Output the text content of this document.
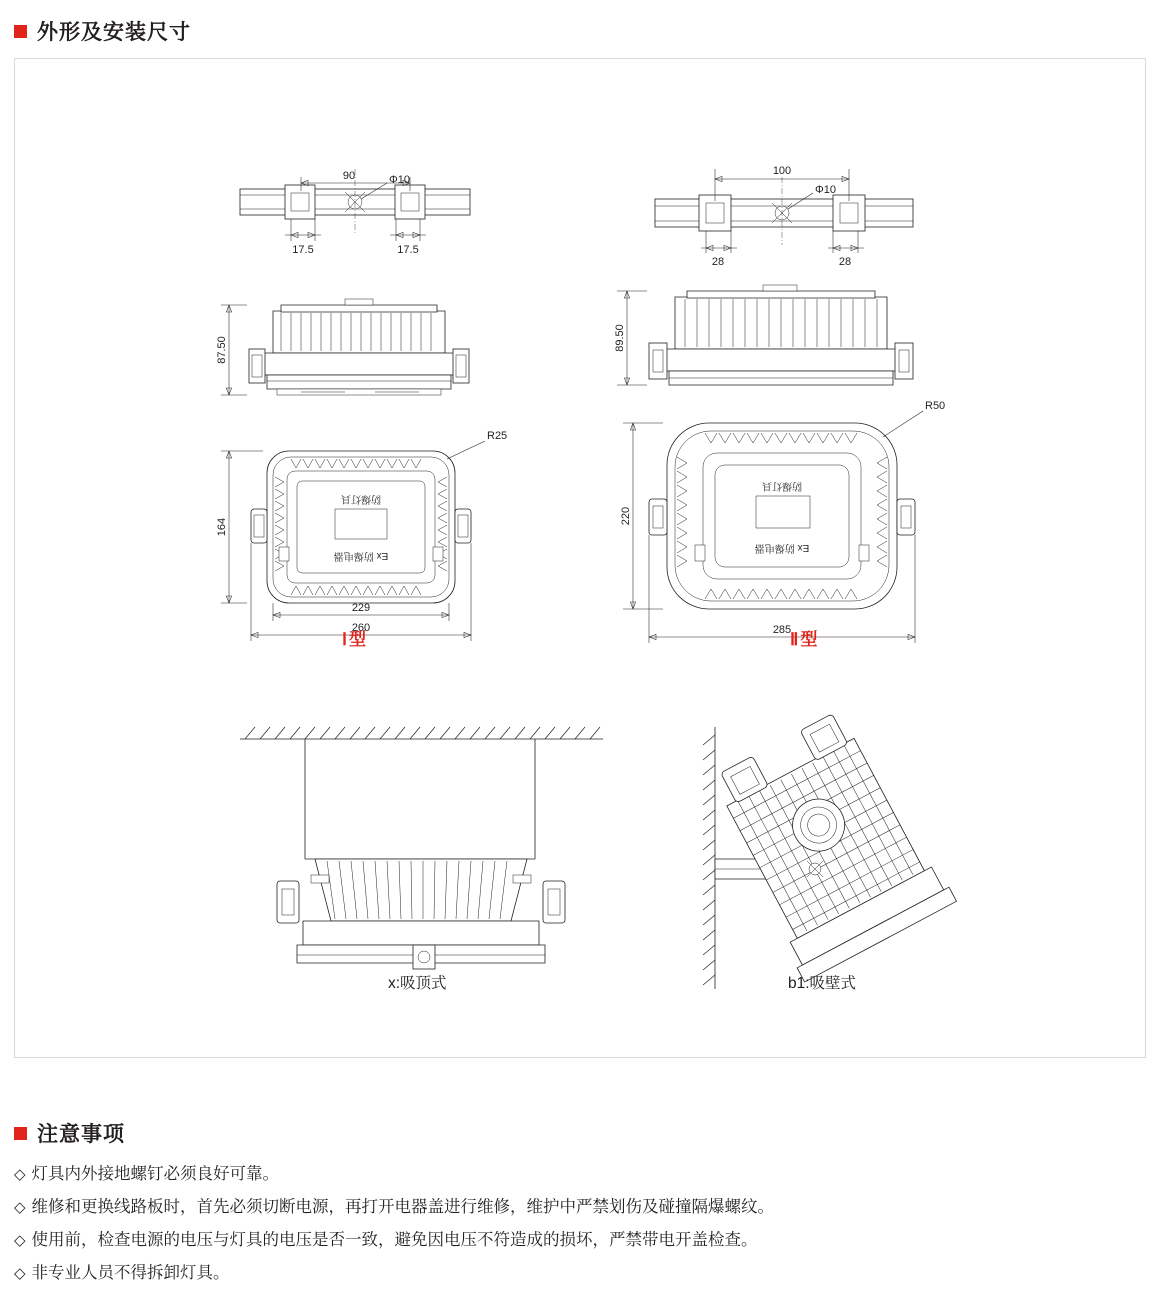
外形及安装尺寸
Φ10
90
17.5	17.5
87.50
防爆灯具
Ex 防爆电器
R25
164
229
260
Φ10
100
28	28
89.50
防爆灯具
Ex 防爆电器
R50
220
285
Ⅰ型	Ⅱ型
x:吸顶式	b1:吸壁式
注意事项
◇ 灯具内外接地螺钉必须良好可靠。
◇ 维修和更换线路板时，首先必须切断电源，再打开电器盖进行维修，维护中严禁划伤及碰撞隔爆螺纹。
◇ 使用前，检查电源的电压与灯具的电压是否一致，避免因电压不符造成的损坏，严禁带电开盖检查。
◇ 非专业人员不得拆卸灯具。
